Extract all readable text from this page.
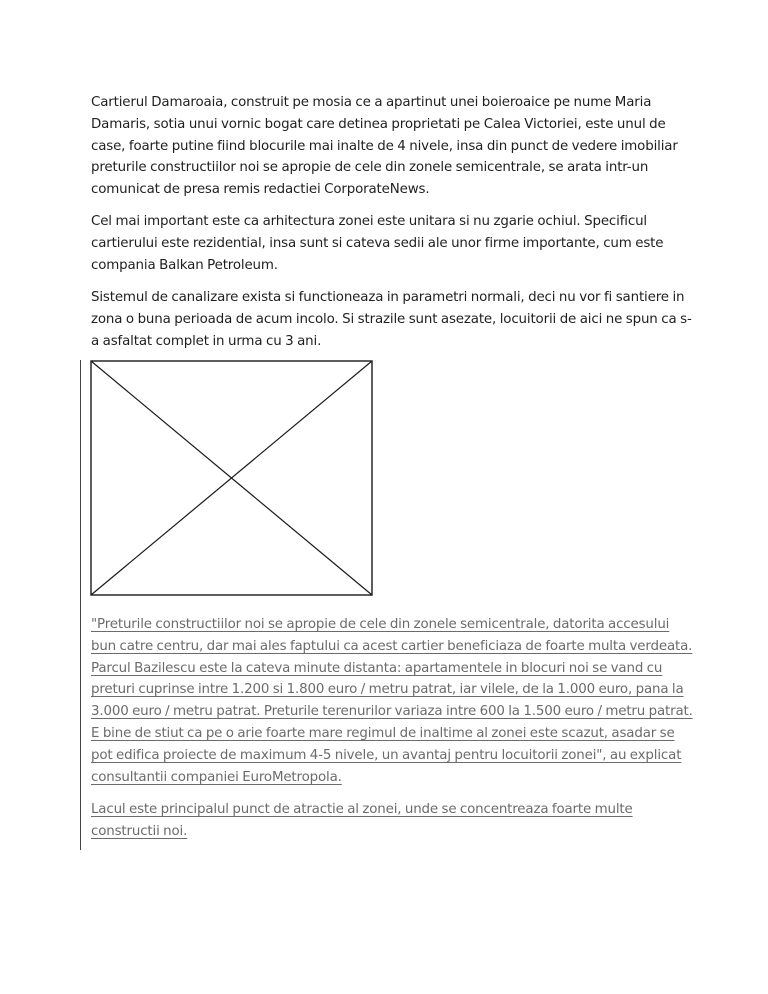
Cartierul Damaroaia, construit pe mosia ce a apartinut unei boieroaice pe nume Maria
Damaris, sotia unui vornic bogat care detinea proprietati pe Calea Victoriei, este unul de
case, foarte putine fiind blocurile mai inalte de 4 nivele, insa din punct de vedere imobiliar
preturile constructiilor noi se apropie de cele din zonele semicentrale, se arata intr-un
comunicat de presa remis redactiei CorporateNews.

Cel mai important este ca arhitectura zonei este unitara si nu zgarie ochiul. Specificul
cartierului este rezidential, insa sunt si cateva sedii ale unor firme importante, cum este
compania Balkan Petroleum.

Sistemul de canalizare exista si functioneaza in parametri normali, deci nu vor fi santiere in
zona o buna perioada de acum incolo. Si strazile sunt asezate, locuitorii de aici ne spun ca s-
a asfaltat complet in urma cu 3 ani.

"Preturile constructiilor noi se apropie de cele din zonele semicentrale, datorita accesului
bun catre centru, dar mai ales faptului ca acest cartier beneficiaza de foarte multa verdeata.
Parcul Bazilescu este la cateva minute distanta: apartamentele in blocuri noi se vand cu
preturi cuprinse intre 1.200 si 1.800 euro / metru patrat, iar vilele, de la 1.000 euro, pana la
3.000 euro / metru patrat. Preturile terenurilor variaza intre 600 la 1.500 euro / metru patrat.
E bine de stiut ca pe o arie foarte mare regimul de inaltime al zonei este scazut, asadar se
pot edifica proiecte de maximum 4-5 nivele, un avantaj pentru locuitorii zonei", au explicat
consultantii companiei EuroMetropola.

Lacul este principalul punct de atractie al zonei, unde se concentreaza foarte multe
constructii noi.
